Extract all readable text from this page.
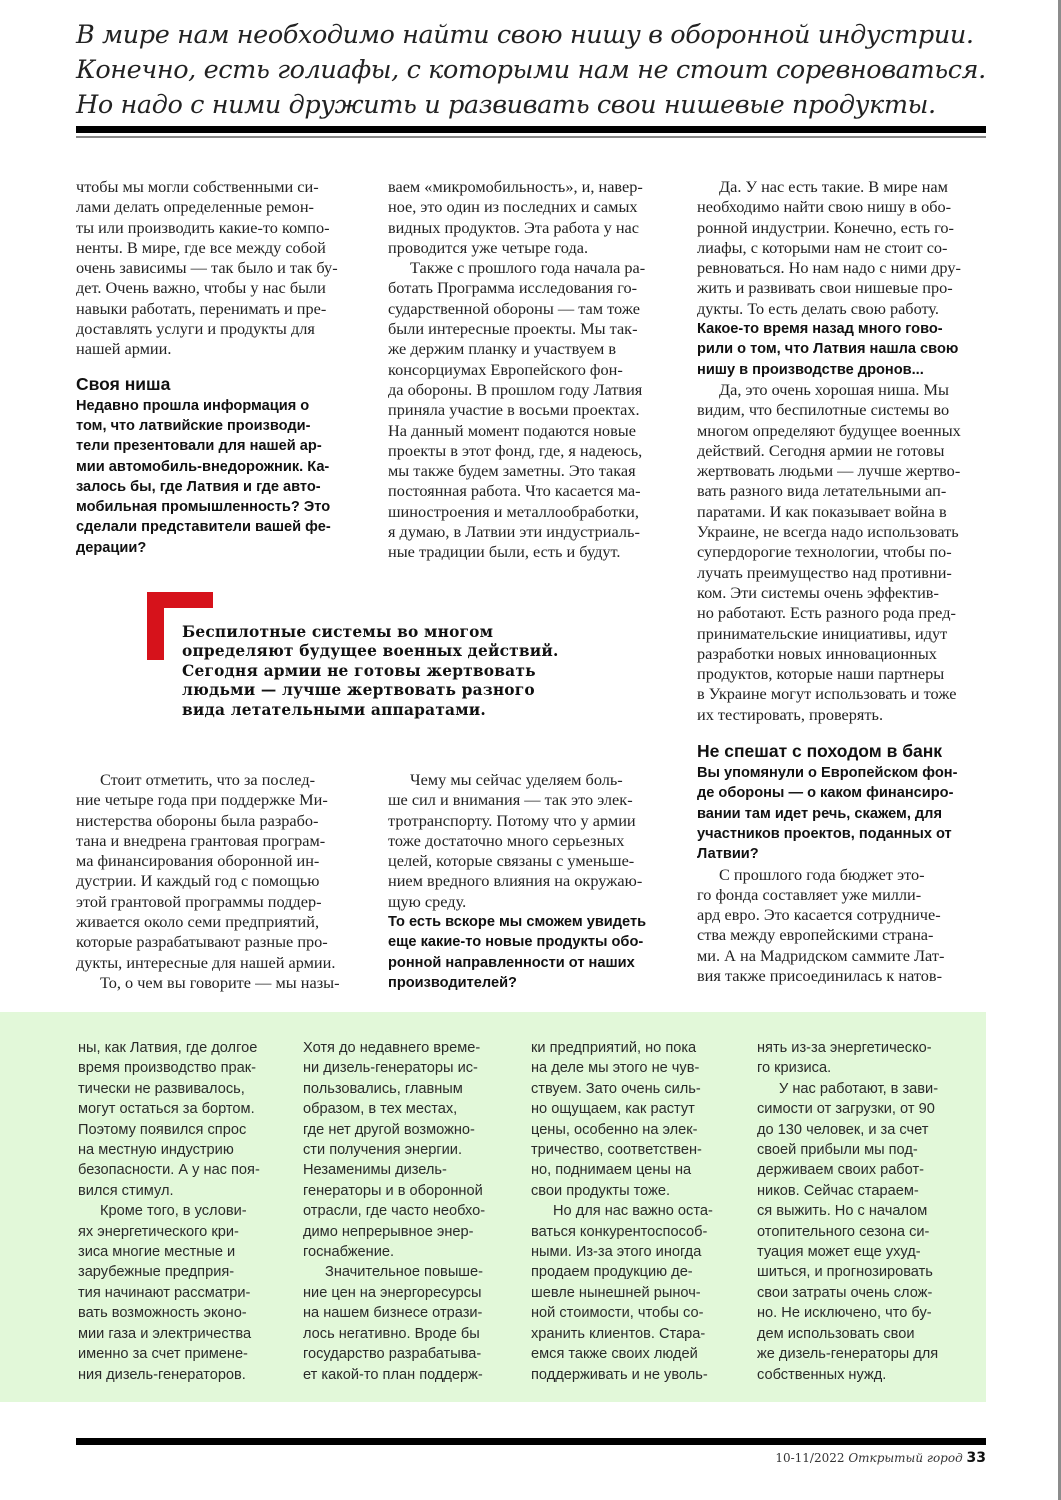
В мире нам необходимо найти свою нишу в оборонной индустрии.
Конечно, есть голиафы, с которыми нам не стоит соревноваться.
Но надо с ними дружить и развивать свои нишевые продукты.

чтобы мы могли собственными си-
лами делать определенные ремон-
ты или производить какие-то компо-
ненты. В мире, где все между собой
очень зависимы — так было и так бу-
дет. Очень важно, чтобы у нас были
навыки работать, перенимать и пре-
доставлять услуги и продукты для
нашей армии.

Своя ниша

Недавно прошла информация о
том, что латвийские производи-
тели презентовали для нашей ар-
мии автомобиль-внедорожник. Ка-
залось бы, где Латвия и где авто-
мобильная промышленность? Это
сделали представители вашей фе-
дерации?

ваем «микромобильность», и, навер-
ное, это один из последних и самых
видных продуктов. Эта работа у нас
проводится уже четыре года.

Также с прошлого года начала ра-
ботать Программа исследования го-
сударственной обороны — там тоже
были интересные проекты. Мы так-
же держим планку и участвуем в
консорциумах Европейского фон-
да обороны. В прошлом году Латвия
приняла участие в восьми проектах.
На данный момент подаются новые
проекты в этот фонд, где, я надеюсь,
мы также будем заметны. Это такая
постоянная работа. Что касается ма-
шиностроения и металлообработки,
я думаю, в Латвии эти индустриаль-
ные традиции были, есть и будут.

Да. У нас есть такие. В мире нам
необходимо найти свою нишу в обо-
ронной индустрии. Конечно, есть го-
лиафы, с которыми нам не стоит со-
ревноваться. Но нам надо с ними дру-
жить и развивать свои нишевые про-
дукты. То есть делать свою работу.

Какое-то время назад много гово-
рили о том, что Латвия нашла свою
нишу в производстве дронов...

Да, это очень хорошая ниша. Мы
видим, что беспилотные системы во
многом определяют будущее военных
действий. Сегодня армии не готовы
жертвовать людьми — лучше жертво-
вать разного вида летательными ап-
паратами. И как показывает война в
Украине, не всегда надо использовать
супердорогие технологии, чтобы по-
лучать преимущество над противни-
ком. Эти системы очень эффектив-
но работают. Есть разного рода пред-
принимательские инициативы, идут
разработки новых инновационных
продуктов, которые наши партнеры
в Украине могут использовать и тоже
их тестировать, проверять.

Не спешат с походом в банк

Вы упомянули о Европейском фон-
де обороны — о каком финансиро-
вании там идет речь, скажем, для
участников проектов, поданных от
Латвии?

С прошлого года бюджет это-
го фонда составляет уже милли-
ард евро. Это касается сотрудниче-
ства между европейскими страна-
ми. А на Мадридском саммите Лат-
вия также присоединилась к натов-

Беспилотные системы во многом
определяют будущее военных действий.
Сегодня армии не готовы жертвовать
людьми — лучше жертвовать разного
вида летательными аппаратами.

Стоит отметить, что за послед-
ние четыре года при поддержке Ми-
нистерства обороны была разрабо-
тана и внедрена грантовая програм-
ма финансирования оборонной ин-
дустрии. И каждый год с помощью
этой грантовой программы поддер-
живается около семи предприятий,
которые разрабатывают разные про-
дукты, интересные для нашей армии.

То, о чем вы говорите — мы назы-

Чему мы сейчас уделяем боль-
ше сил и внимания — так это элек-
тротранспорту. Потому что у армии
тоже достаточно много серьезных
целей, которые связаны с уменьше-
нием вредного влияния на окружаю-
щую среду.

То есть вскоре мы сможем увидеть
еще какие-то новые продукты обо-
ронной направленности от наших
производителей?

ны, как Латвия, где долгое
время производство прак-
тически не развивалось,
могут остаться за бортом.
Поэтому появился спрос
на местную индустрию
безопасности. А у нас поя-
вился стимул.

Кроме того, в услови-
ях энергетического кри-
зиса многие местные и
зарубежные предприя-
тия начинают рассматри-
вать возможность эконо-
мии газа и электричества
именно за счет примене-
ния дизель-генераторов.

Хотя до недавнего време-
ни дизель-генераторы ис-
пользовались, главным
образом, в тех местах,
где нет другой возможно-
сти получения энергии.
Незаменимы дизель-
генераторы и в оборонной
отрасли, где часто необхо-
димо непрерывное энер-
госнабжение.

Значительное повыше-
ние цен на энергоресурсы
на нашем бизнесе отрази-
лось негативно. Вроде бы
государство разрабатыва-
ет какой-то план поддерж-

ки предприятий, но пока
на деле мы этого не чув-
ствуем. Зато очень силь-
но ощущаем, как растут
цены, особенно на элек-
тричество, соответствен-
но, поднимаем цены на
свои продукты тоже.

Но для нас важно оста-
ваться конкурентоспособ-
ными. Из-за этого иногда
продаем продукцию де-
шевле нынешней рыноч-
ной стоимости, чтобы со-
хранить клиентов. Стара-
емся также своих людей
поддерживать и не уволь-

нять из-за энергетическо-
го кризиса.

У нас работают, в зави-
симости от загрузки, от 90
до 130 человек, и за счет
своей прибыли мы под-
держиваем своих работ-
ников. Сейчас стараем-
ся выжить. Но с началом
отопительного сезона си-
туация может еще ухуд-
шиться, и прогнозировать
свои затраты очень слож-
но. Не исключено, что бу-
дем использовать свои
же дизель-генераторы для
собственных нужд.

10-11/2022 Открытый город 33
